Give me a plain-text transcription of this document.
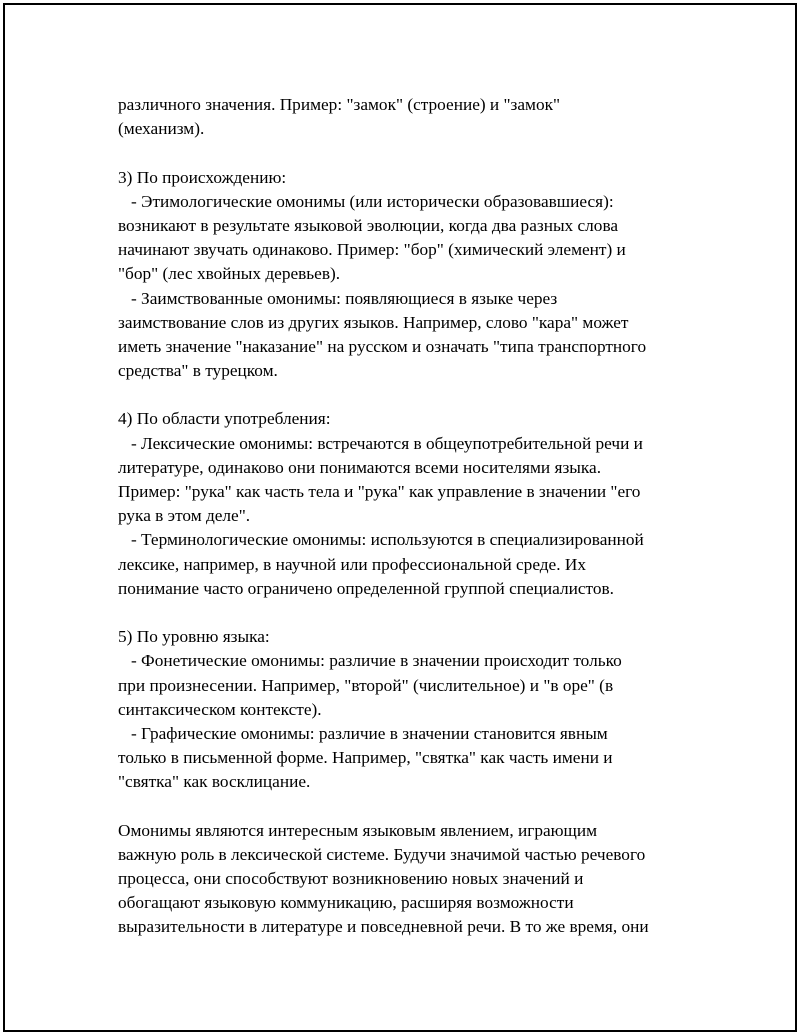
различного значения. Пример: "замок" (строение) и "замок"
(механизм).
3) По происхождению:
- Этимологические омонимы (или исторически образовавшиеся):
возникают в результате языковой эволюции, когда два разных слова
начинают звучать одинаково. Пример: "бор" (химический элемент) и
"бор" (лес хвойных деревьев).
- Заимствованные омонимы: появляющиеся в языке через
заимствование слов из других языков. Например, слово "кара" может
иметь значение "наказание" на русском и означать "типа транспортного
средства" в турецком.
4) По области употребления:
- Лексические омонимы: встречаются в общеупотребительной речи и
литературе, одинаково они понимаются всеми носителями языка.
Пример: "рука" как часть тела и "рука" как управление в значении "его
рука в этом деле".
- Терминологические омонимы: используются в специализированной
лексике, например, в научной или профессиональной среде. Их
понимание часто ограничено определенной группой специалистов.
5) По уровню языка:
- Фонетические омонимы: различие в значении происходит только
при произнесении. Например, "второй" (числительное) и "в оре" (в
синтаксическом контексте).
- Графические омонимы: различие в значении становится явным
только в письменной форме. Например, "святка" как часть имени и
"святка" как восклицание.
Омонимы являются интересным языковым явлением, играющим
важную роль в лексической системе. Будучи значимой частью речевого
процесса, они способствуют возникновению новых значений и
обогащают языковую коммуникацию, расширяя возможности
выразительности в литературе и повседневной речи. В то же время, они
